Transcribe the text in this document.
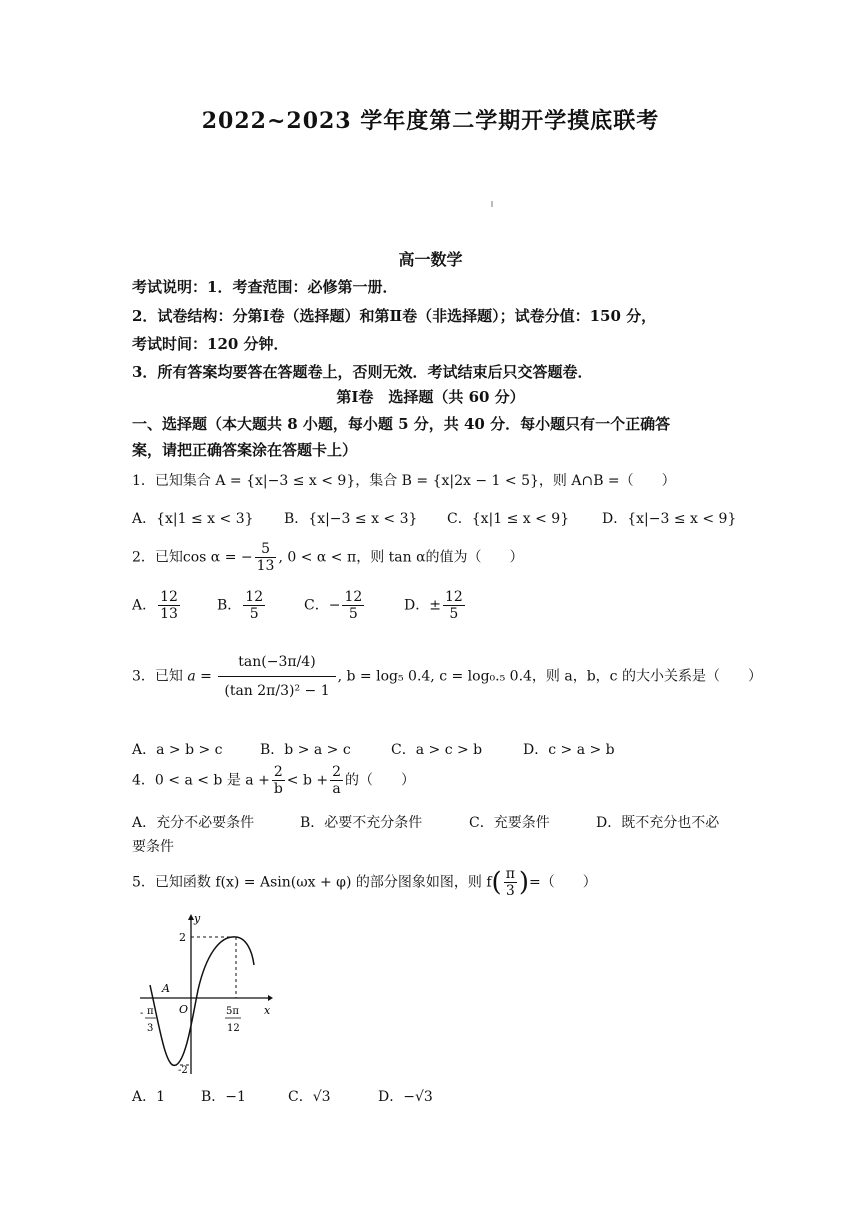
2022~2023 学年度第二学期开学摸底联考
高一数学
考试说明：1．考查范围：必修第一册．
2．试卷结构：分第Ⅰ卷（选择题）和第Ⅱ卷（非选择题）；试卷分值：150 分，
考试时间：120 分钟．
3．所有答案均要答在答题卷上，否则无效．考试结束后只交答题卷．
第Ⅰ卷　选择题（共 60 分）
一、选择题（本大题共 8 小题，每小题 5 分，共 40 分．每小题只有一个正确答
案，请把正确答案涂在答题卡上）
1．已知集合 A = {x|−3 ≤ x < 9}，集合 B = {x|2x − 1 < 5}，则 A∩B =（　　）
A．{x|1 ≤ x < 3} B．{x|−3 ≤ x < 3} C．{x|1 ≤ x < 9} D．{x|−3 ≤ x < 9}
2．已知cos α = − $\frac{5}{13}$ , 0 < α < π，则 tan α的值为（　　）
A． $\frac{12}{13}$	B． $\frac{12}{5}$	C．− $\frac{12}{5}$	D．± $\frac{12}{5}$
3．已知 $a = \frac{\tan(-3\pi/4)}{\text{(tan 2π/3)² − 1}}$ , b = log₅ 0.4, c = log₀.₅ 0.4，则 a，b，c 的大小关系是（　　）
A．a > b > c	B．b > a > c	C．a > c > b	D．c > a > b
4．0 < a < b 是 $a + \frac{2}{b} < b + \frac{2}{a}$ 的（　　）
A．充分不必要条件	B．必要不充分条件	C．充要条件	D．既不充分也不必
要条件
5．已知函数 f(x) = Asin(ωx + φ) 的部分图象如图，则 $f( \frac{\pi}{3}$ )=（　　）
y
x
O
2
-2
A
- π
3
5π
12
A．1	B．−1	C．√3	D．−√3
